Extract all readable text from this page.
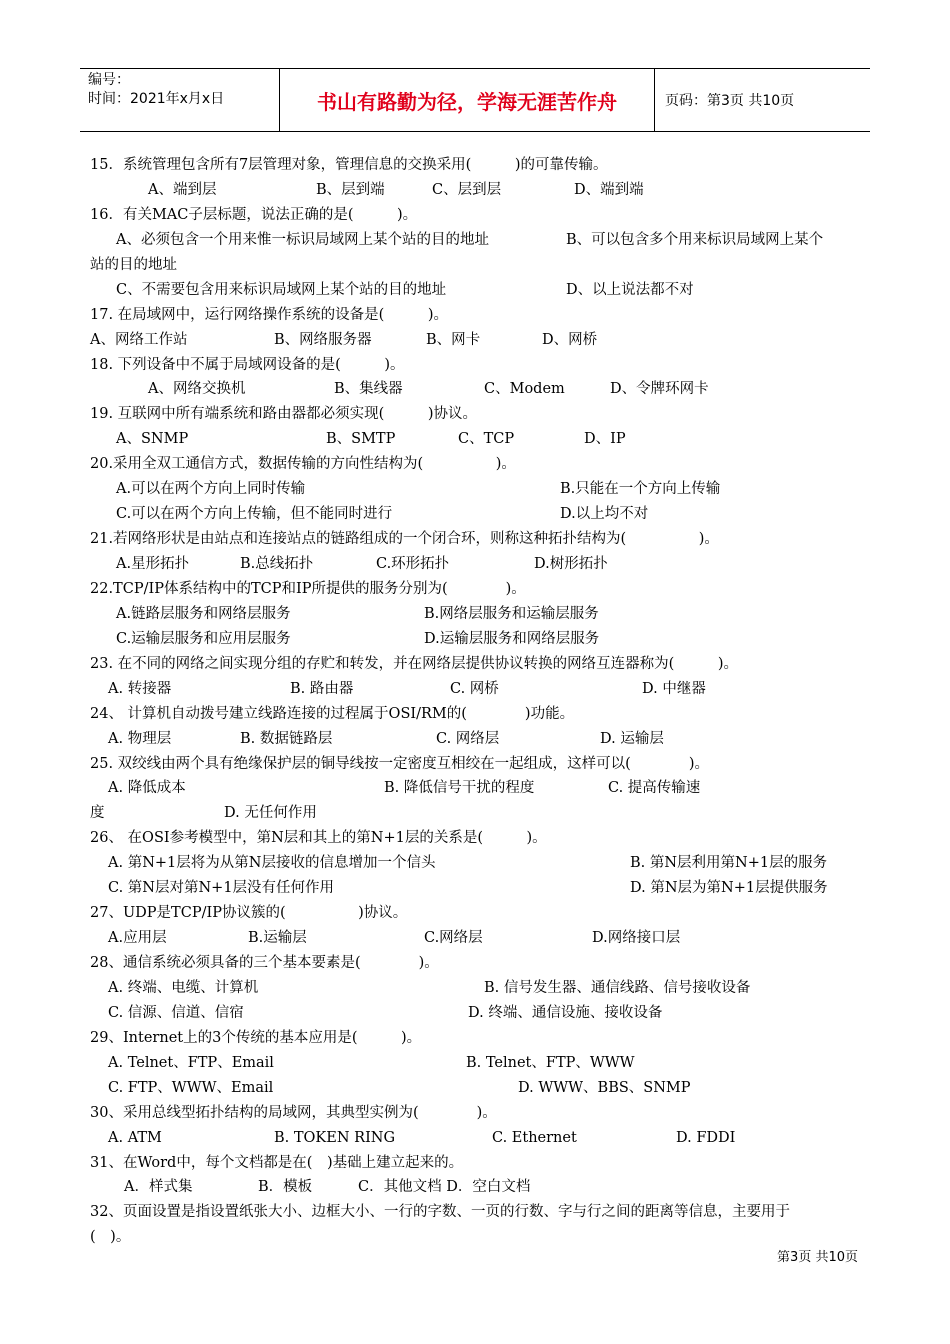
编号：
时间：2021年x月x日	书山有路勤为径，学海无涯苦作舟	页码：第3页 共10页
15．系统管理包含所有7层管理对象，管理信息的交换采用(　　　)的可靠传输。
A、端到层	B、层到端	C、层到层	D、端到端
16．有关MAC子层标题，说法正确的是(　　　)。
A、必须包含一个用来惟一标识局域网上某个站的目的地址	B、可以包含多个用来标识局域网上某个
站的目的地址
C、不需要包含用来标识局域网上某个站的目的地址	D、以上说法都不对
17. 在局域网中，运行网络操作系统的设备是(　　　)。
A、网络工作站	B、网络服务器	B、网卡	D、网桥
18. 下列设备中不属于局域网设备的是(　　　)。
A、网络交换机	B、集线器	C、Modem	D、令牌环网卡
19. 互联网中所有端系统和路由器都必须实现(　　　)协议。
A、SNMP	B、SMTP	C、TCP	D、IP
20.采用全双工通信方式，数据传输的方向性结构为(　　　　　)。
A.可以在两个方向上同时传输	B.只能在一个方向上传输
C.可以在两个方向上传输，但不能同时进行	D.以上均不对
21.若网络形状是由站点和连接站点的链路组成的一个闭合环，则称这种拓扑结构为(　　　　　)。
A.星形拓扑	B.总线拓扑	C.环形拓扑	D.树形拓扑
22.TCP/IP体系结构中的TCP和IP所提供的服务分别为(　　　　)。
A.链路层服务和网络层服务	B.网络层服务和运输层服务
C.运输层服务和应用层服务	D.运输层服务和网络层服务
23. 在不同的网络之间实现分组的存贮和转发，并在网络层提供协议转换的网络互连器称为(　　　)。
A. 转接器	B. 路由器	C. 网桥	D. 中继器
24、 计算机自动拨号建立线路连接的过程属于OSI/RM的(　　　　)功能。
A. 物理层	B. 数据链路层	C. 网络层	D. 运输层
25. 双绞线由两个具有绝缘保护层的铜导线按一定密度互相绞在一起组成，这样可以(　　　　)。
A. 降低成本	B. 降低信号干扰的程度	C. 提高传输速
度	D. 无任何作用
26、 在OSI参考模型中，第N层和其上的第N+1层的关系是(　　　)。
A. 第N+1层将为从第N层接收的信息增加一个信头	B. 第N层利用第N+1层的服务
C. 第N层对第N+1层没有任何作用	D. 第N层为第N+1层提供服务
27、UDP是TCP/IP协议簇的(　　　　　)协议。
A.应用层	B.运输层	C.网络层	D.网络接口层
28、通信系统必须具备的三个基本要素是(　　　　)。
A. 终端、电缆、计算机	B. 信号发生器、通信线路、信号接收设备
C. 信源、信道、信宿	D. 终端、通信设施、接收设备
29、Internet上的3个传统的基本应用是(　　　)。
A. Telnet、FTP、Email	B. Telnet、FTP、WWW
C. FTP、WWW、Email	D. WWW、BBS、SNMP
30、采用总线型拓扑结构的局域网，其典型实例为(　　　　)。
A. ATM	B. TOKEN RING	C. Ethernet	D. FDDI
31、在Word中，每个文档都是在(　)基础上建立起来的。
A．样式集	B．模板	C．其他文档 D．空白文档
32、页面设置是指设置纸张大小、边框大小、一行的字数、一页的行数、字与行之间的距离等信息，主要用于
(　)。
第3页 共10页
